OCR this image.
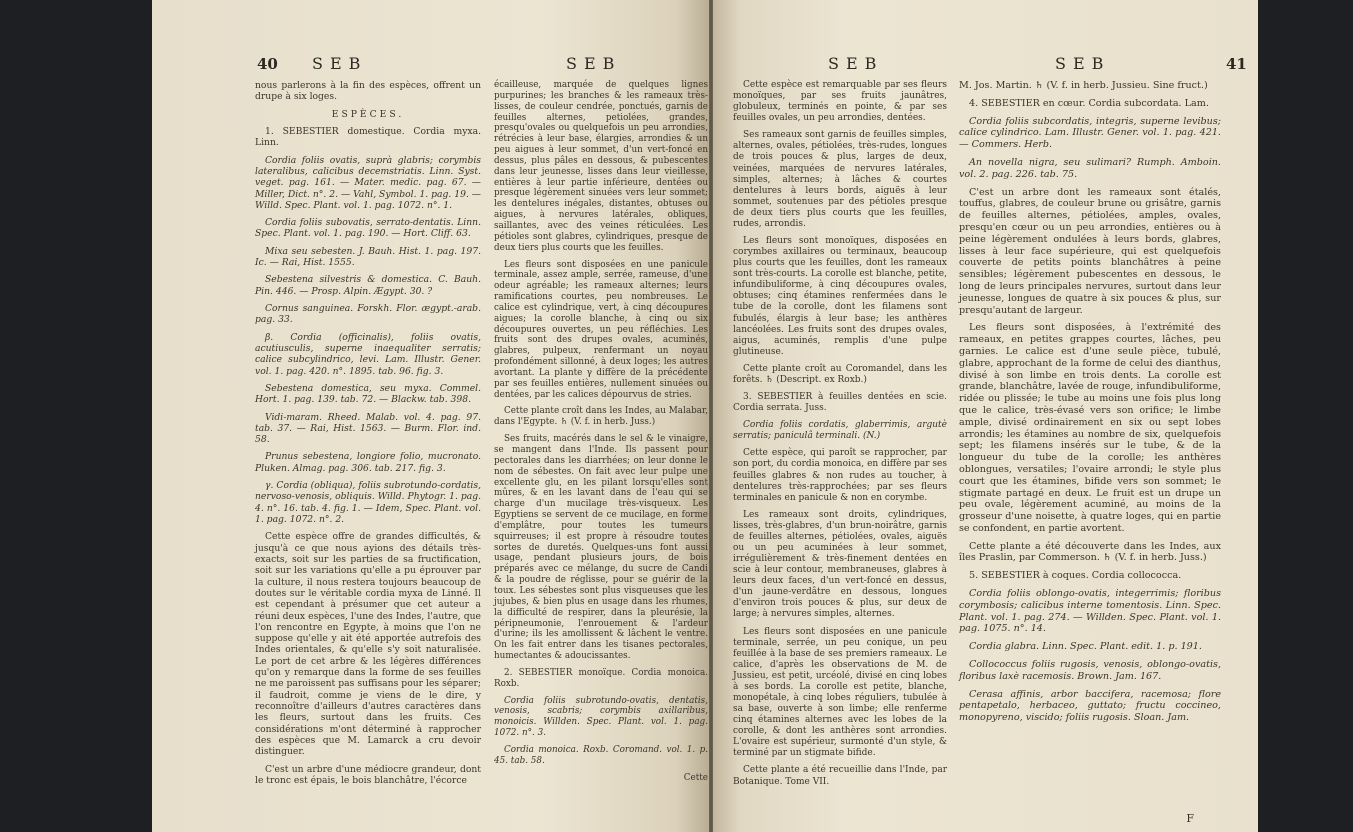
40 SEB	SEB

nous parlerons à la fin des espèces, offrent un drupe à six loges.

ESPÈCES.

1. SEBESTIER domestique. Cordia myxa. Linn.

Cordia foliis ovatis, suprà glabris; corymbis lateralibus, calicibus decemstriatis. Linn. Syst. veget. pag. 161. — Mater. medic. pag. 67. — Miller, Dict. n°. 2. — Vahl, Symbol. 1. pag. 19. — Willd. Spec. Plant. vol. 1. pag. 1072. n°. 1.

Cordia foliis subovatis, serrato-dentatis. Linn. Spec. Plant. vol. 1. pag. 190. — Hort. Cliff. 63.

Mixa seu sebesten. J. Bauh. Hist. 1. pag. 197. Ic. — Rai, Hist. 1555.

Sebestena silvestris & domestica. C. Bauh. Pin. 446. — Prosp. Alpin. Ægypt. 30. ?

Cornus sanguinea. Forskh. Flor. ægypt.-arab. pag. 33.

β. Cordia (officinalis), foliis ovatis, acutiusculis, superne inaequaliter serratis; calice subcylindrico, levi. Lam. Illustr. Gener. vol. 1. pag. 420. n°. 1895. tab. 96. fig. 3.

Sebestena domestica, seu myxa. Commel. Hort. 1. pag. 139. tab. 72. — Blackw. tab. 398.

Vidi-maram. Rheed. Malab. vol. 4. pag. 97. tab. 37. — Rai, Hist. 1563. — Burm. Flor. ind. 58.

Prunus sebestena, longiore folio, mucronato. Pluken. Almag. pag. 306. tab. 217. fig. 3.

γ. Cordia (obliqua), foliis subrotundo-cordatis, nervoso-venosis, obliquis. Willd. Phytogr. 1. pag. 4. n°. 16. tab. 4. fig. 1. — Idem, Spec. Plant. vol. 1. pag. 1072. n°. 2.

Cette espèce offre de grandes difficultés, & jusqu'à ce que nous ayions des détails très-exacts, soit sur les parties de sa fructification, soit sur les variations qu'elle a pu éprouver par la culture, il nous restera toujours beaucoup de doutes sur le véritable cordia myxa de Linné. Il est cependant à présumer que cet auteur a réuni deux espèces, l'une des Indes, l'autre, que l'on rencontre en Egypte, à moins que l'on ne suppose qu'elle y ait été apportée autrefois des Indes orientales, & qu'elle s'y soit naturalisée. Le port de cet arbre & les légères différences qu'on y remarque dans la forme de ses feuilles ne me paroissent pas suffisans pour les séparer; il faudroit, comme je viens de le dire, y reconnoître d'ailleurs d'autres caractères dans les fleurs, surtout dans les fruits. Ces considérations m'ont déterminé à rapprocher des espèces que M. Lamarck a cru devoir distinguer.

C'est un arbre d'une médiocre grandeur, dont le tronc est épais, le bois blanchâtre, l'écorce

écailleuse, marquée de quelques lignes purpurines; les branches & les rameaux très-lisses, de couleur cendrée, ponctués, garnis de feuilles alternes, petiolées, grandes, presqu'ovales ou quelquefois un peu arrondies, rétrécies à leur base, élargies, arrondies & un peu aigues à leur sommet, d'un vert-foncé en dessus, plus pâles en dessous, & pubescentes dans leur jeunesse, lisses dans leur vieillesse, entières à leur partie inférieure, dentées ou presque légèrement sinuées vers leur sommet; les dentelures inégales, distantes, obtuses ou aigues, à nervures latérales, obliques, saillantes, avec des veines réticulées. Les pétioles sont glabres, cylindriques, presque de deux tiers plus courts que les feuilles.

Les fleurs sont disposées en une panicule terminale, assez ample, serrée, rameuse, d'une odeur agréable; les rameaux alternes; leurs ramifications courtes, peu nombreuses. Le calice est cylindrique, vert, à cinq découpures aigues; la corolle blanche, à cinq ou six découpures ouvertes, un peu réfléchies. Les fruits sont des drupes ovales, acuminés, glabres, pulpeux, renfermant un noyau profondément sillonné, à deux loges; les autres avortant. La plante γ diffère de la précédente par ses feuilles entières, nullement sinuées ou dentées, par les calices dépourvus de stries.

Cette plante croît dans les Indes, au Malabar, dans l'Egypte. ♄ (V. f. in herb. Juss.)

Ses fruits, macérés dans le sel & le vinaigre, se mangent dans l'Inde. Ils passent pour pectorales dans les diarrhées; on leur donne le nom de sébestes. On fait avec leur pulpe une excellente glu, en les pilant lorsqu'elles sont mûres, & en les lavant dans de l'eau qui se charge d'un mucilage très-visqueux. Les Egyptiens se servent de ce mucilage, en forme d'emplâtre, pour toutes les tumeurs squirreuses; il est propre à résoudre toutes sortes de duretés. Quelques-uns font aussi usage, pendant plusieurs jours, de bois préparés avec ce mélange, du sucre de Candi & la poudre de réglisse, pour se guérir de la toux. Les sébestes sont plus visqueuses que les jujubes, & bien plus en usage dans les rhumes, la difficulté de respirer, dans la pleurésie, la péripneumonie, l'enrouement & l'ardeur d'urine; ils les amollissent & lâchent le ventre. On les fait entrer dans les tisanes pectorales, humectantes & adoucissantes.

2. SEBESTIER monoïque. Cordia monoica. Roxb.

Cordia foliis subrotundo-ovatis, dentatis, venosis, scabris; corymbis axillaribus, monoicis. Willden. Spec. Plant. vol. 1. pag. 1072. n°. 3.

Cordia monoica. Roxb. Coromand. vol. 1. p. 45. tab. 58.

Cette

SEB	SEB	41

Cette espèce est remarquable par ses fleurs monoïques, par ses fruits jaunâtres, globuleux, terminés en pointe, & par ses feuilles ovales, un peu arrondies, dentées.

Ses rameaux sont garnis de feuilles simples, alternes, ovales, pétiolées, très-rudes, longues de trois pouces & plus, larges de deux, veinées, marquées de nervures latérales, simples, alternes; à lâches & courtes dentelures à leurs bords, aiguës à leur sommet, soutenues par des pétioles presque de deux tiers plus courts que les feuilles, rudes, arrondis.

Les fleurs sont monoïques, disposées en corymbes axillaires ou terminaux, beaucoup plus courts que les feuilles, dont les rameaux sont très-courts. La corolle est blanche, petite, infundibuliforme, à cinq découpures ovales, obtuses; cinq étamines renfermées dans le tube de la corolle, dont les filamens sont fubulés, élargis à leur base; les anthères lancéolées. Les fruits sont des drupes ovales, aigus, acuminés, remplis d'une pulpe glutineuse.

Cette plante croît au Coromandel, dans les forêts. ♄ (Descript. ex Roxb.)

3. SEBESTIER à feuilles dentées en scie. Cordia serrata. Juss.

Cordia foliis cordatis, glaberrimis, argutè serratis; paniculâ terminali. (N.)

Cette espèce, qui paroît se rapprocher, par son port, du cordia monoica, en diffère par ses feuilles glabres & non rudes au toucher, à dentelures très-rapprochées; par ses fleurs terminales en panicule & non en corymbe.

Les rameaux sont droits, cylindriques, lisses, très-glabres, d'un brun-noirâtre, garnis de feuilles alternes, pétiolées, ovales, aiguës ou un peu acuminées à leur sommet, irrégulièrement & très-finement dentées en scie à leur contour, membraneuses, glabres à leurs deux faces, d'un vert-foncé en dessus, d'un jaune-verdâtre en dessous, longues d'environ trois pouces & plus, sur deux de large; à nervures simples, alternes.

Les fleurs sont disposées en une panicule terminale, serrée, un peu conique, un peu feuillée à la base de ses premiers rameaux. Le calice, d'après les observations de M. de Jussieu, est petit, urcéolé, divisé en cinq lobes à ses bords. La corolle est petite, blanche, monopétale, à cinq lobes réguliers, tubulée à sa base, ouverte à son limbe; elle renferme cinq étamines alternes avec les lobes de la corolle, & dont les anthères sont arrondies. L'ovaire est supérieur, surmonté d'un style, & terminé par un stigmate bifide.

Cette plante a été recueillie dans l'Inde, par Botanique. Tome VII.

M. Jos. Martin. ♄ (V. f. in herb. Jussieu. Sine fruct.)

4. SEBESTIER en cœur. Cordia subcordata. Lam.

Cordia foliis subcordatis, integris, superne levibus; calice cylindrico. Lam. Illustr. Gener. vol. 1. pag. 421. — Commers. Herb.

An novella nigra, seu sulimari? Rumph. Amboin. vol. 2. pag. 226. tab. 75.

C'est un arbre dont les rameaux sont étalés, touffus, glabres, de couleur brune ou grisâtre, garnis de feuilles alternes, pétiolées, amples, ovales, presqu'en cœur ou un peu arrondies, entières ou à peine légèrement ondulées à leurs bords, glabres, lisses à leur face supérieure, qui est quelquefois couverte de petits points blanchâtres à peine sensibles; légèrement pubescentes en dessous, le long de leurs principales nervures, surtout dans leur jeunesse, longues de quatre à six pouces & plus, sur presqu'autant de largeur.

Les fleurs sont disposées, à l'extrémité des rameaux, en petites grappes courtes, lâches, peu garnies. Le calice est d'une seule pièce, tubulé, glabre, approchant de la forme de celui des dianthus, divisé à son limbe en trois dents. La corolle est grande, blanchâtre, lavée de rouge, infundibuliforme, ridée ou plissée; le tube au moins une fois plus long que le calice, très-évasé vers son orifice; le limbe ample, divisé ordinairement en six ou sept lobes arrondis; les étamines au nombre de six, quelquefois sept; les filamens insérés sur le tube, & de la longueur du tube de la corolle; les anthères oblongues, versatiles; l'ovaire arrondi; le style plus court que les étamines, bifide vers son sommet; le stigmate partagé en deux. Le fruit est un drupe un peu ovale, légèrement acuminé, au moins de la grosseur d'une noisette, à quatre loges, qui en partie se confondent, en partie avortent.

Cette plante a été découverte dans les Indes, aux îles Praslin, par Commerson. ♄ (V. f. in herb. Juss.)

5. SEBESTIER à coques. Cordia collococca.

Cordia foliis oblongo-ovatis, integerrimis; floribus corymbosis; calicibus interne tomentosis. Linn. Spec. Plant. vol. 1. pag. 274. — Willden. Spec. Plant. vol. 1. pag. 1075. n°. 14.

Cordia glabra. Linn. Spec. Plant. edit. 1. p. 191.

Collococcus foliis rugosis, venosis, oblongo-ovatis, floribus laxè racemosis. Brown. Jam. 167.

Cerasa affinis, arbor baccifera, racemosa; flore pentapetalo, herbaceo, guttato; fructu coccineo, monopyreno, viscido; foliis rugosis. Sloan. Jam.

F
